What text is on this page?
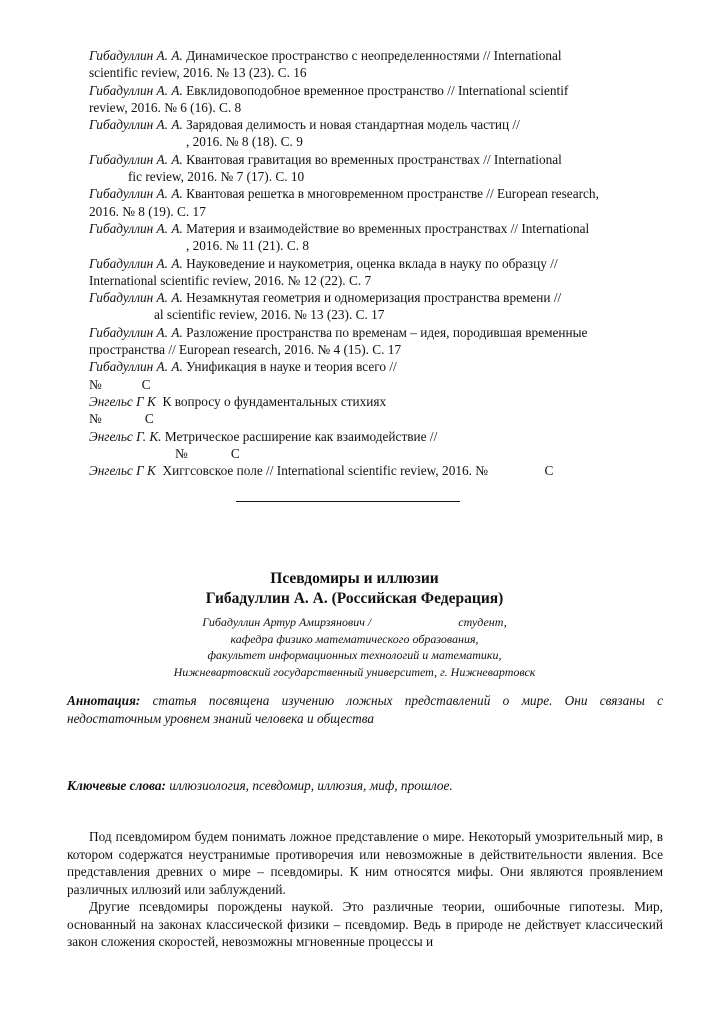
Гибадуллин А. А. Динамическое пространство с неопределенностями // International
scientific review, 2016. № 13 (23). С. 16
Гибадуллин А. А. Евклидовоподобное временное пространство // International scientif
review, 2016. № 6 (16). С. 8
Гибадуллин А. А. Зарядовая делимость и новая стандартная модель частиц //
, 2016. № 8 (18). С. 9
Гибадуллин А. А. Квантовая гравитация во временных пространствах // International
fic review, 2016. № 7 (17). С. 10
Гибадуллин А. А. Квантовая решетка в многовременном пространстве // European research,
2016. № 8 (19). С. 17
Гибадуллин А. А. Материя и взаимодействие во временных пространствах // International
, 2016. № 11 (21). С. 8
Гибадуллин А. А. Науковедение и наукометрия, оценка вклада в науку по образцу //
International scientific review, 2016. № 12 (22). С. 7
Гибадуллин А. А. Незамкнутая геометрия и одномеризация пространства времени //
al scientific review, 2016. № 13 (23). С. 17
Гибадуллин А. А. Разложение пространства по временам – идея, породившая временные
пространства // European research, 2016. № 4 (15). С. 17
Гибадуллин А. А. Унификация в науке и теория всего //
№            С
Энгельс Г К  К вопросу о фундаментальных стихиях
№             С
Энгельс Г. К. Метрическое расширение как взаимодействие //
№             С
Энгельс Г К  Хиггсовское поле // International scientific review, 2016. №                 С
Псевдомиры и иллюзии
Гибадуллин А. А. (Российская Федерация)
Гибадуллин Артур Амирзянович /                             студент,
кафедра физико математического образования,
факультет информационных технологий и математики,
Нижневартовский государственный университет, г. Нижневартовск
Аннотация: статья посвящена изучению ложных представлений о мире. Они связаны с недостаточным уровнем знаний человека и общества
Ключевые слова: иллюзиология, псевдомир, иллюзия, миф, прошлое.

Под псевдомиром будем понимать ложное представление о мире. Некоторый умозрительный мир, в котором содержатся неустранимые противоречия или невозможные в действительности явления. Все представления древних о мире – псевдомиры. К ним относятся мифы. Они являются проявлением различных иллюзий или заблуждений.

Другие псевдомиры порождены наукой. Это различные теории, ошибочные гипотезы. Мир, основанный на законах классической физики – псевдомир. Ведь в природе не действует классический закон сложения скоростей, невозможны мгновенные процессы и
